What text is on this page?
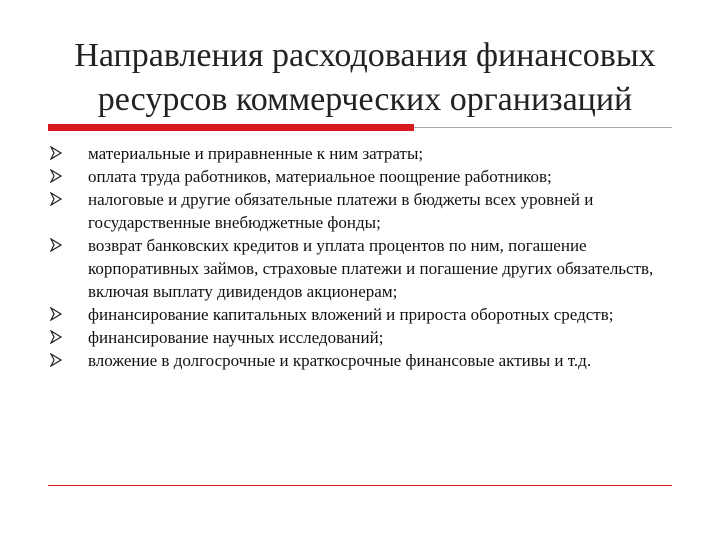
Направления расходования финансовых
ресурсов коммерческих организаций
материальные и приравненные к ним затраты;
оплата труда работников, материальное поощрение работников;
налоговые и другие обязательные платежи в бюджеты всех уровней и государственные внебюджетные фонды;
возврат банковских кредитов и уплата процентов по ним, погашение корпоративных займов, страховые платежи и погашение других обязательств, включая выплату дивидендов акционерам;
финансирование капитальных вложений и прироста оборотных средств;
финансирование научных исследований;
вложение в долгосрочные и краткосрочные финансовые активы и т.д.
